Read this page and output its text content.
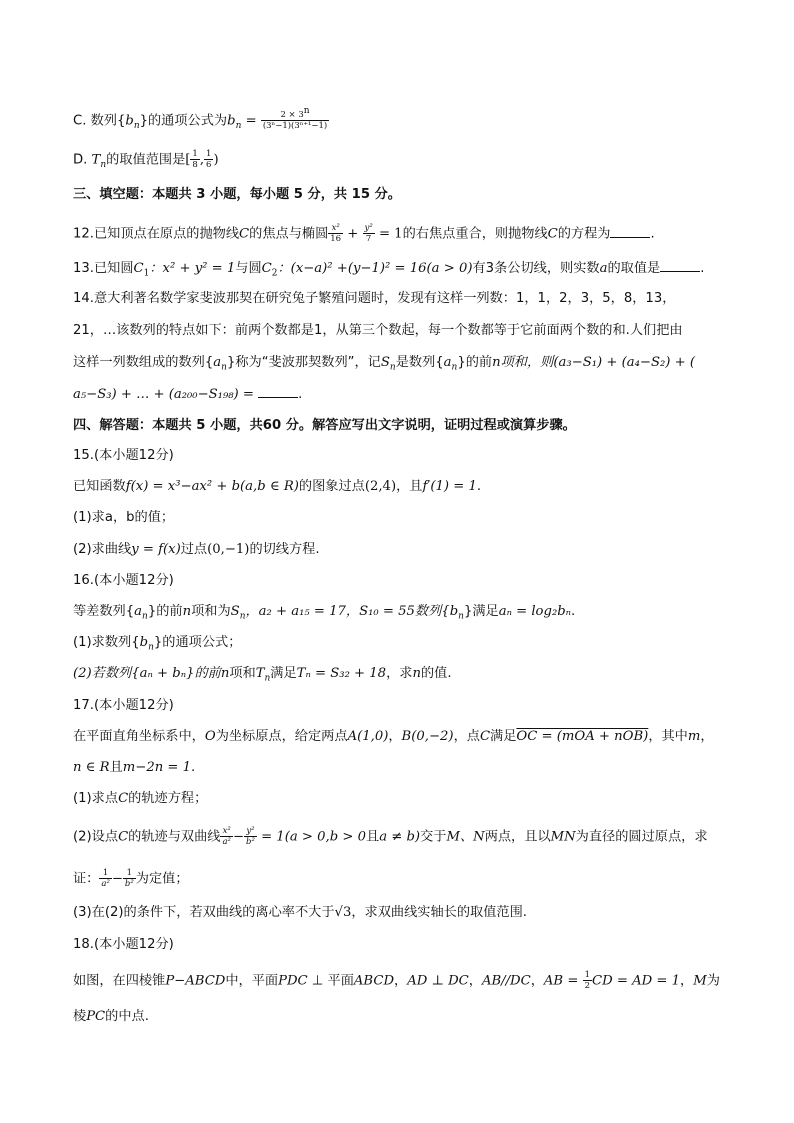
C. 数列$\{b_n\}$的通项公式为$b_n = \frac{2 \times 3^n}{\text{(3ⁿ−1)(3ⁿ⁺¹−1)}}$
D. $T_n$的取值范围是[ $\frac{1}{8}$ , $\frac{1}{6}$ )
三、填空题：本题共 3 小题，每小题 5 分，共 15 分。
12.已知顶点在原点的抛物线C的焦点与椭圆 $\frac{\text{x²}}{16} + \frac{\text{y²}}{7} = 1$的右焦点重合，则抛物线C的方程为	.
13.已知圆$C_1$：x² + y² = 1与圆$C_2$：(x−a)² +(y−1)² = 16(a > 0)有3条公切线，则实数a的取值是	.
14.意大利著名数学家斐波那契在研究兔子繁殖问题时，发现有这样一列数：1，1，2，3，5，8，13，
21，…该数列的特点如下：前两个数都是1，从第三个数起，每一个数都等于它前面两个数的和.人们把由
这样一列数组成的数列$\{a_n\}$称为“斐波那契数列”，记$S_n$是数列$\{a_n\}$的前n项和，则(a₃−S₁) + (a₄−S₂) + (
a₅−S₃) + … + (a₂₀₀−S₁₉₈) =	.
四、解答题：本题共 5 小题，共60 分。解答应写出文字说明，证明过程或演算步骤。
15.(本小题12分)
已知函数f(x) = x³−ax² + b(a,b ∈ R)的图象过点(2,4)，且f′(1) = 1.
(1)求a，b的值；
(2)求曲线y = f(x)过点(0,−1)的切线方程.
16.(本小题12分)
等差数列$\{a_n\}$的前n项和为$S_n$，a₂ + a₁₅ = 17，S₁₀ = 55数列$\{b_n\}$满足aₙ = log₂bₙ.
(1)求数列$\{b_n\}$的通项公式；
(2)若数列{aₙ + bₙ}的前n项和$T_n$满足Tₙ = S₃₂ + 18，求n的值.
17.(本小题12分)
在平面直角坐标系中，O为坐标原点，给定两点A(1,0)，B(0,−2)，点C满足OC = (mOA + nOB)，其中m，
n ∈ R且m−2n = 1.
(1)求点C的轨迹方程；
(2)设点C的轨迹与双曲线 $\frac{\text{x²}}{\text{a²}} - \frac{\text{y²}}{\text{b²}} = 1(a > 0,b > 0$且a ≠ b)交于M、N两点，且以MN为直径的圆过原点，求
证： $\frac{1}{\text{a²}} - \frac{1}{\text{b²}}$ 为定值；
(3)在(2)的条件下，若双曲线的离心率不大于√3，求双曲线实轴长的取值范围.
18.(本小题12分)
如图，在四棱锥P−ABCD中，平面PDC ⊥ 平面ABCD，AD ⊥ DC，AB//DC，AB = $\frac{1}{2}$ CD = AD = 1，M为
棱PC的中点.
